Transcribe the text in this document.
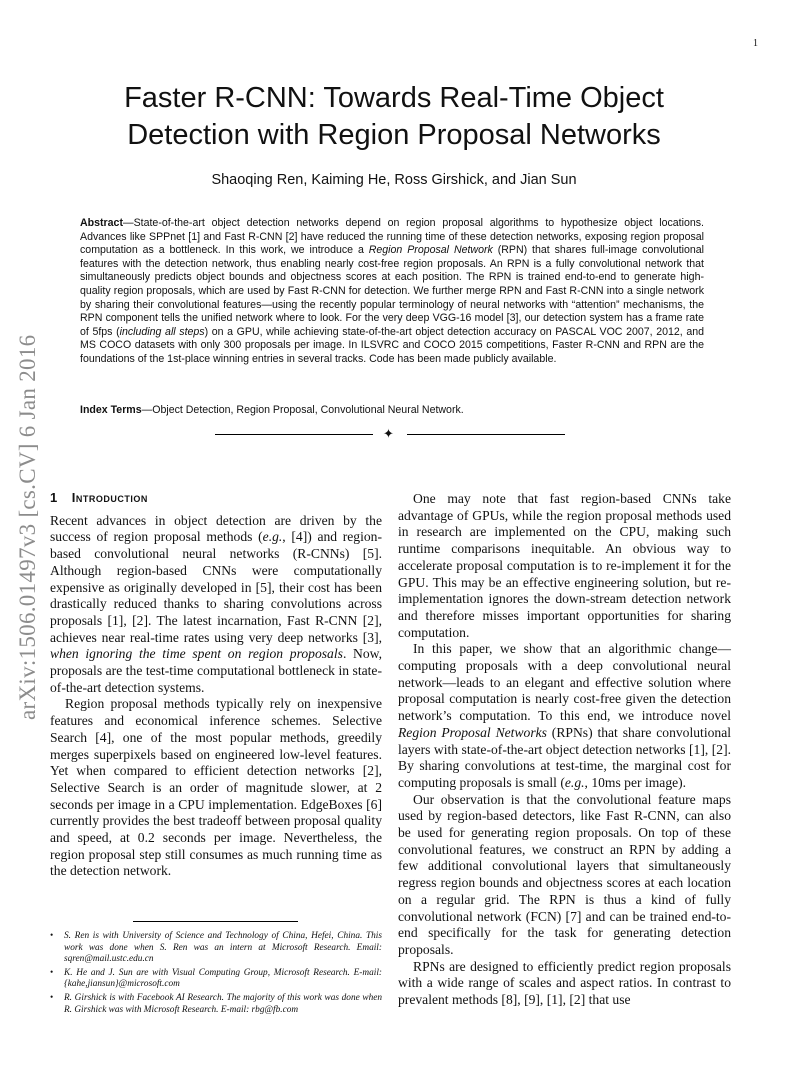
1
arXiv:1506.01497v3 [cs.CV] 6 Jan 2016
Faster R-CNN: Towards Real-Time Object
Detection with Region Proposal Networks
Shaoqing Ren, Kaiming He, Ross Girshick, and Jian Sun

Abstract—State-of-the-art object detection networks depend on region proposal algorithms to hypothesize object locations. Advances like SPPnet [1] and Fast R-CNN [2] have reduced the running time of these detection networks, exposing region proposal computation as a bottleneck. In this work, we introduce a Region Proposal Network (RPN) that shares full-image convolutional features with the detection network, thus enabling nearly cost-free region proposals. An RPN is a fully convolutional network that simultaneously predicts object bounds and objectness scores at each position. The RPN is trained end-to-end to generate high-quality region proposals, which are used by Fast R-CNN for detection. We further merge RPN and Fast R-CNN into a single network by sharing their convolutional features—using the recently popular terminology of neural networks with “attention” mechanisms, the RPN component tells the unified network where to look. For the very deep VGG-16 model [3], our detection system has a frame rate of 5fps (including all steps) on a GPU, while achieving state-of-the-art object detection accuracy on PASCAL VOC 2007, 2012, and MS COCO datasets with only 300 proposals per image. In ILSVRC and COCO 2015 competitions, Faster R-CNN and RPN are the foundations of the 1st-place winning entries in several tracks. Code has been made publicly available.

Index Terms—Object Detection, Region Proposal, Convolutional Neural Network.
✦
1 Introduction

Recent advances in object detection are driven by the success of region proposal methods (e.g., [4]) and region-based convolutional neural networks (R-CNNs) [5]. Although region-based CNNs were computationally expensive as originally developed in [5], their cost has been drastically reduced thanks to sharing convolutions across proposals [1], [2]. The latest incarnation, Fast R-CNN [2], achieves near real-time rates using very deep networks [3], when ignoring the time spent on region proposals. Now, proposals are the test-time computational bottleneck in state-of-the-art detection systems.

Region proposal methods typically rely on inexpensive features and economical inference schemes. Selective Search [4], one of the most popular methods, greedily merges superpixels based on engineered low-level features. Yet when compared to efficient detection networks [2], Selective Search is an order of magnitude slower, at 2 seconds per image in a CPU implementation. EdgeBoxes [6] currently provides the best tradeoff between proposal quality and speed, at 0.2 seconds per image. Nevertheless, the region proposal step still consumes as much running time as the detection network.

• S. Ren is with University of Science and Technology of China, Hefei, China. This work was done when S. Ren was an intern at Microsoft Research. Email: sqren@mail.ustc.edu.cn
• K. He and J. Sun are with Visual Computing Group, Microsoft Research. E-mail: {kahe,jiansun}@microsoft.com
• R. Girshick is with Facebook AI Research. The majority of this work was done when R. Girshick was with Microsoft Research. E-mail: rbg@fb.com

One may note that fast region-based CNNs take advantage of GPUs, while the region proposal methods used in research are implemented on the CPU, making such runtime comparisons inequitable. An obvious way to accelerate proposal computation is to re-implement it for the GPU. This may be an effective engineering solution, but re-implementation ignores the down-stream detection network and therefore misses important opportunities for sharing computation.

In this paper, we show that an algorithmic change—computing proposals with a deep convolutional neural network—leads to an elegant and effective solution where proposal computation is nearly cost-free given the detection network’s computation. To this end, we introduce novel Region Proposal Networks (RPNs) that share convolutional layers with state-of-the-art object detection networks [1], [2]. By sharing convolutions at test-time, the marginal cost for computing proposals is small (e.g., 10ms per image).

Our observation is that the convolutional feature maps used by region-based detectors, like Fast R-CNN, can also be used for generating region proposals. On top of these convolutional features, we construct an RPN by adding a few additional convolutional layers that simultaneously regress region bounds and objectness scores at each location on a regular grid. The RPN is thus a kind of fully convolutional network (FCN) [7] and can be trained end-to-end specifically for the task for generating detection proposals.

RPNs are designed to efficiently predict region proposals with a wide range of scales and aspect ratios. In contrast to prevalent methods [8], [9], [1], [2] that use
